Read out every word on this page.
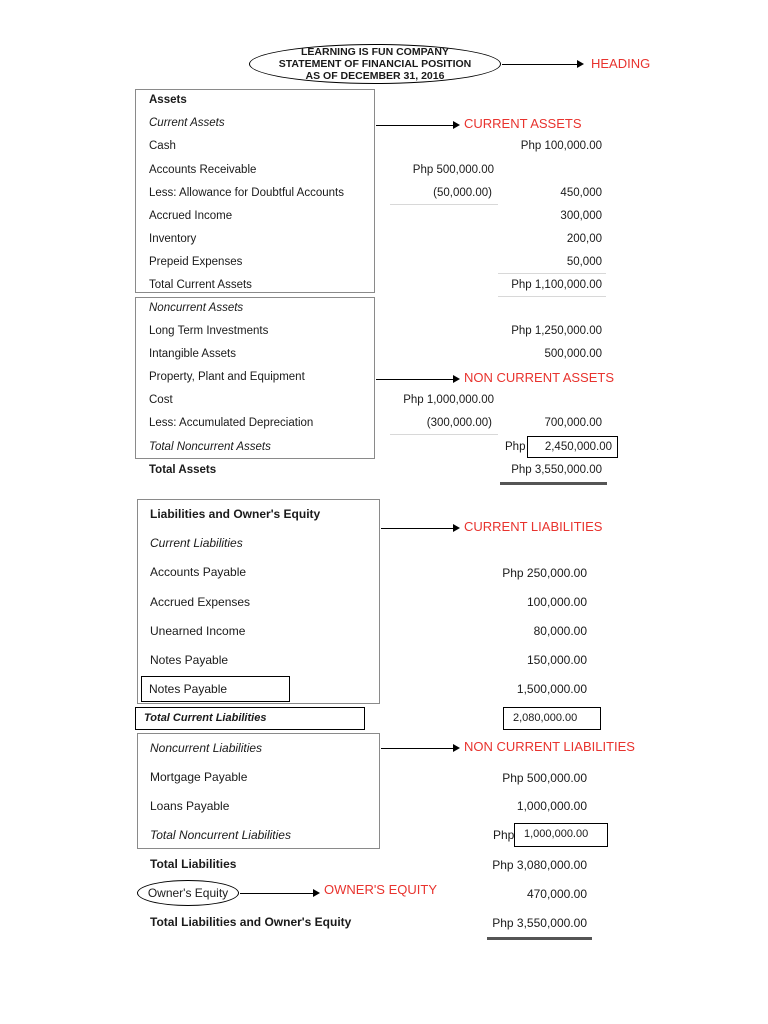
LEARNING IS FUN COMPANY
STATEMENT OF FINANCIAL POSITION
AS OF DECEMBER 31, 2016
HEADING
Assets
Current Assets	CURRENT ASSETS
Cash	Php 100,000.00
Accounts Receivable	Php 500,000.00
Less: Allowance for Doubtful Accounts	(50,000.00)	450,000
Accrued Income	300,000
Inventory	200,00
Prepeid Expenses	50,000
Total Current Assets	Php 1,100,000.00
Noncurrent Assets
Long Term Investments	Php 1,250,000.00
Intangible Assets	500,000.00
Property, Plant and Equipment	NON CURRENT ASSETS
Cost	Php 1,000,000.00
Less: Accumulated Depreciation	(300,000.00)	700,000.00
Total Noncurrent Assets	Php	2,450,000.00
Total Assets	Php 3,550,000.00
Liabilities and Owner's Equity
CURRENT LIABILITIES
Current Liabilities
Accounts Payable	Php 250,000.00
Accrued Expenses	100,000.00
Unearned Income	80,000.00
Notes Payable	150,000.00
Notes Payable	1,500,000.00
Total Current Liabilities	2,080,000.00
Noncurrent Liabilities	NON CURRENT LIABILITIES
Mortgage Payable	Php 500,000.00
Loans Payable	1,000,000.00
Total Noncurrent Liabilities	Php 1,000,000.00
Total Liabilities	Php 3,080,000.00
Owner's Equity	OWNER'S EQUITY	470,000.00
Total Liabilities and Owner's Equity	Php 3,550,000.00
